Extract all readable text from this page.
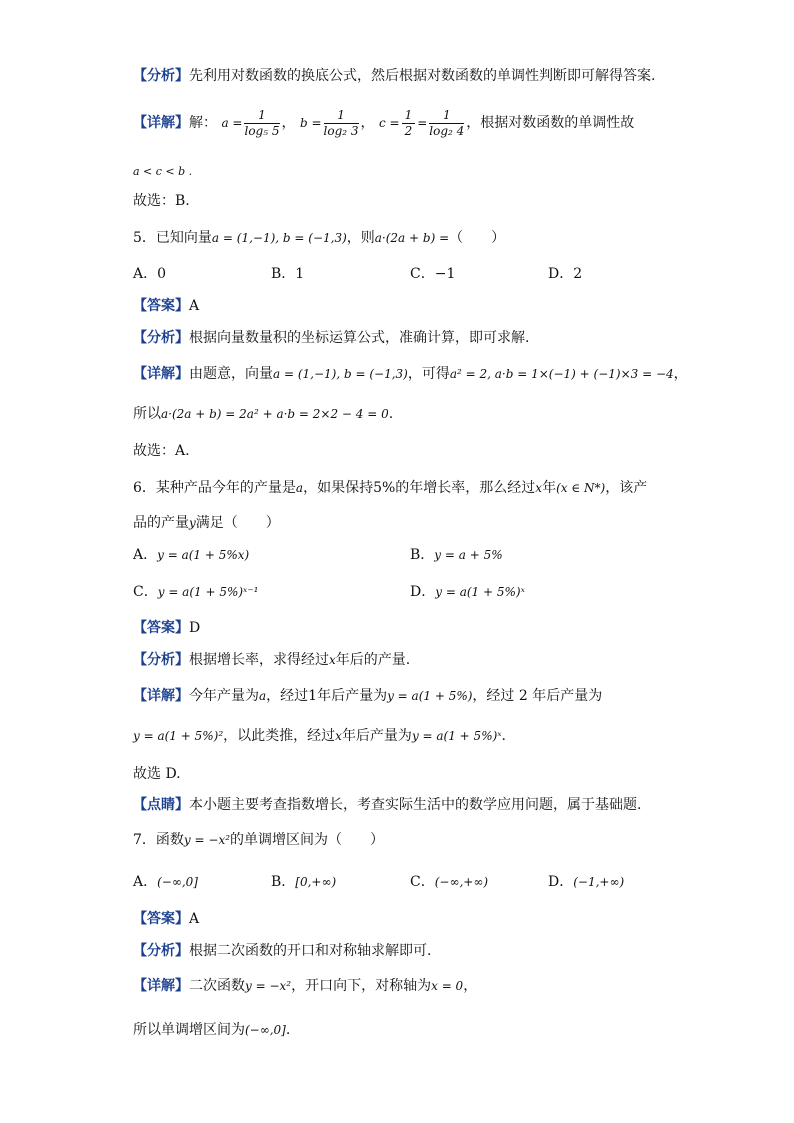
【分析】先利用对数函数的换底公式，然后根据对数函数的单调性判断即可解得答案.
【详解】解： $a = \frac{1}{\text{log₅ 5}}$ ， $b = \frac{1}{\text{log₂ 3}}$ ， $c = \frac{1}{2} = \frac{1}{\text{log₂ 4}}$ ，根据对数函数的单调性故
a < c < b .
故选：B.
5．已知向量a = (1,−1), b = (−1,3)，则a·(2a + b) =（　　）
A．0	B．1	C．−1	D．2
【答案】A
【分析】根据向量数量积的坐标运算公式，准确计算，即可求解.
【详解】由题意，向量a = (1,−1), b = (−1,3)，可得a² = 2, a·b = 1×(−1) + (−1)×3 = −4，
所以a·(2a + b) = 2a² + a·b = 2×2 − 4 = 0.
故选：A.
6．某种产品今年的产量是a，如果保持5%的年增长率，那么经过x年(x ∈ N*)，该产
品的产量y满足（　　）
A．y = a(1 + 5%x)	B．y = a + 5%
C．y = a(1 + 5%)ˣ⁻¹	D．y = a(1 + 5%)ˣ
【答案】D
【分析】根据增长率，求得经过x年后的产量.
【详解】今年产量为a，经过1年后产量为y = a(1 + 5%)，经过 2 年后产量为
y = a(1 + 5%)²，以此类推，经过x年后产量为y = a(1 + 5%)ˣ.
故选 D.
【点睛】本小题主要考查指数增长，考查实际生活中的数学应用问题，属于基础题.
7．函数y = −x²的单调增区间为（　　）
A．(−∞,0]	B．[0,+∞)	C．(−∞,+∞)	D．(−1,+∞)
【答案】A
【分析】根据二次函数的开口和对称轴求解即可.
【详解】二次函数y = −x²，开口向下，对称轴为x = 0，
所以单调增区间为(−∞,0].
